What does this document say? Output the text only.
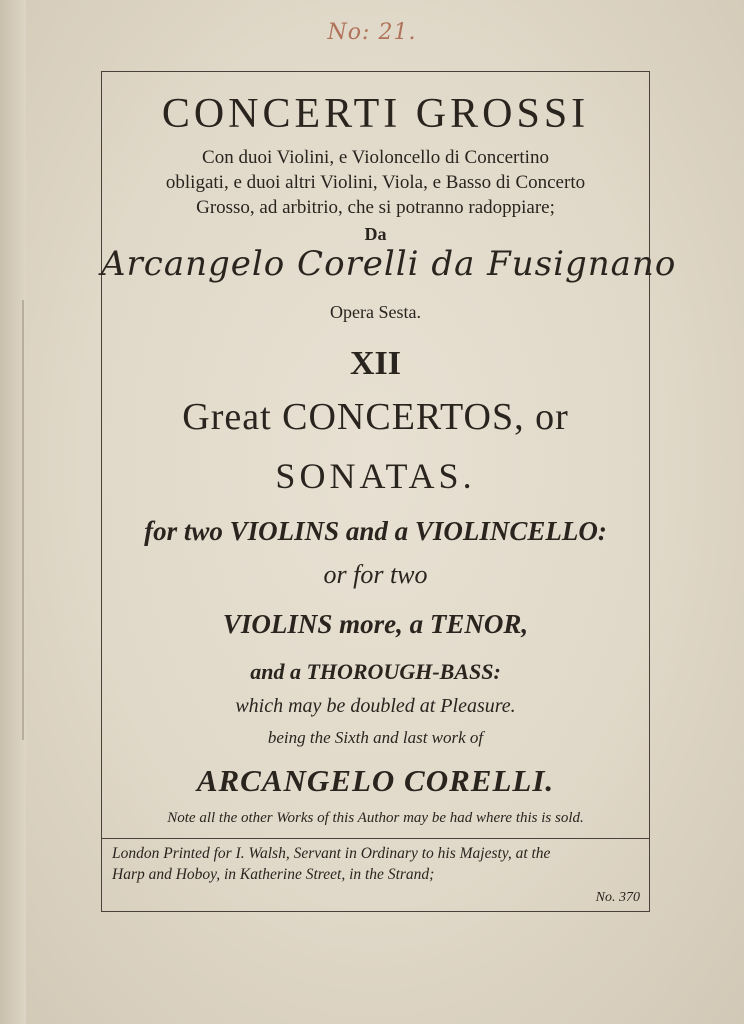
No: 21.
CONCERTI GROSSI
Con duoi Violini, e Violoncello di Concertino
obligati, e duoi altri Violini, Viola, e Basso di Concerto
Grosso, ad arbitrio, che si potranno radoppiare;
Da
Arcangelo Corelli da Fusignano
Opera Sesta.
XII
Great CONCERTOS, or
SONATAS.
for two VIOLINS and a VIOLINCELLO:
or for two
VIOLINS more, a TENOR,
and a THOROUGH-BASS:
which may be doubled at Pleasure.
being the Sixth and last work of
ARCANGELO CORELLI.
Note all the other Works of this Author may be had where this is sold.
London Printed for I. Walsh, Servant in Ordinary to his Majesty, at the
Harp and Hoboy, in Katherine Street, in the Strand;
No. 370
